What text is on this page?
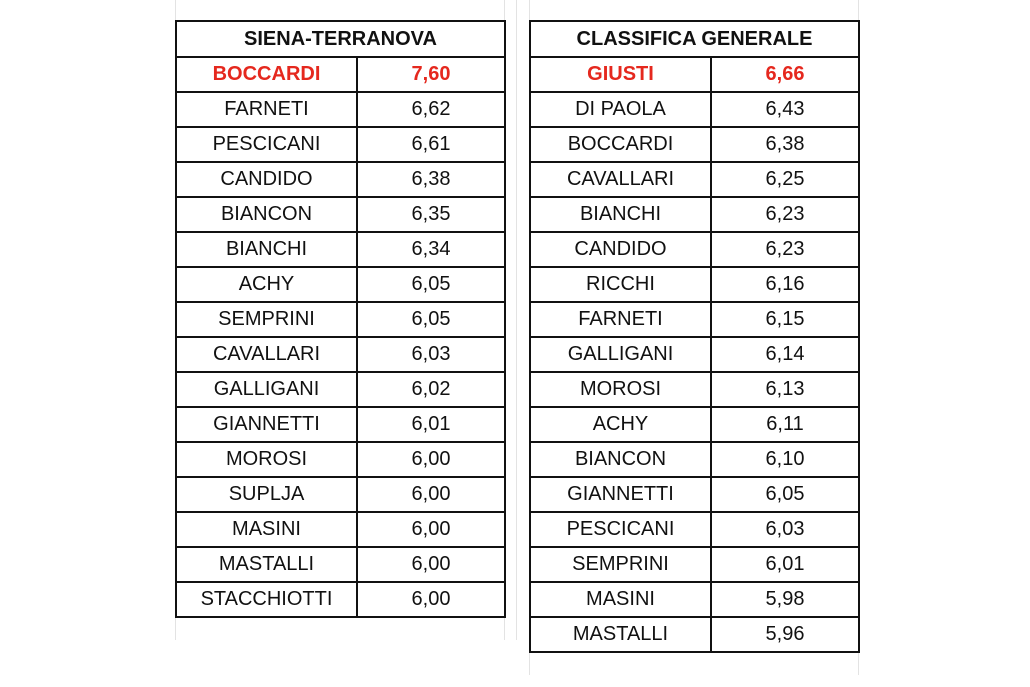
SIENA-TERRANOVA	
BOCCARDI	7,60
FARNETI	6,62
PESCICANI	6,61
CANDIDO	6,38
BIANCON	6,35
BIANCHI	6,34
ACHY	6,05
SEMPRINI	6,05
CAVALLARI	6,03
GALLIGANI	6,02
GIANNETTI	6,01
MOROSI	6,00
SUPLJA	6,00
MASINI	6,00
MASTALLI	6,00
STACCHIOTTI	6,00
CLASSIFICA GENERALE	
GIUSTI	6,66
DI PAOLA	6,43
BOCCARDI	6,38
CAVALLARI	6,25
BIANCHI	6,23
CANDIDO	6,23
RICCHI	6,16
FARNETI	6,15
GALLIGANI	6,14
MOROSI	6,13
ACHY	6,11
BIANCON	6,10
GIANNETTI	6,05
PESCICANI	6,03
SEMPRINI	6,01
MASINI	5,98
MASTALLI	5,96
